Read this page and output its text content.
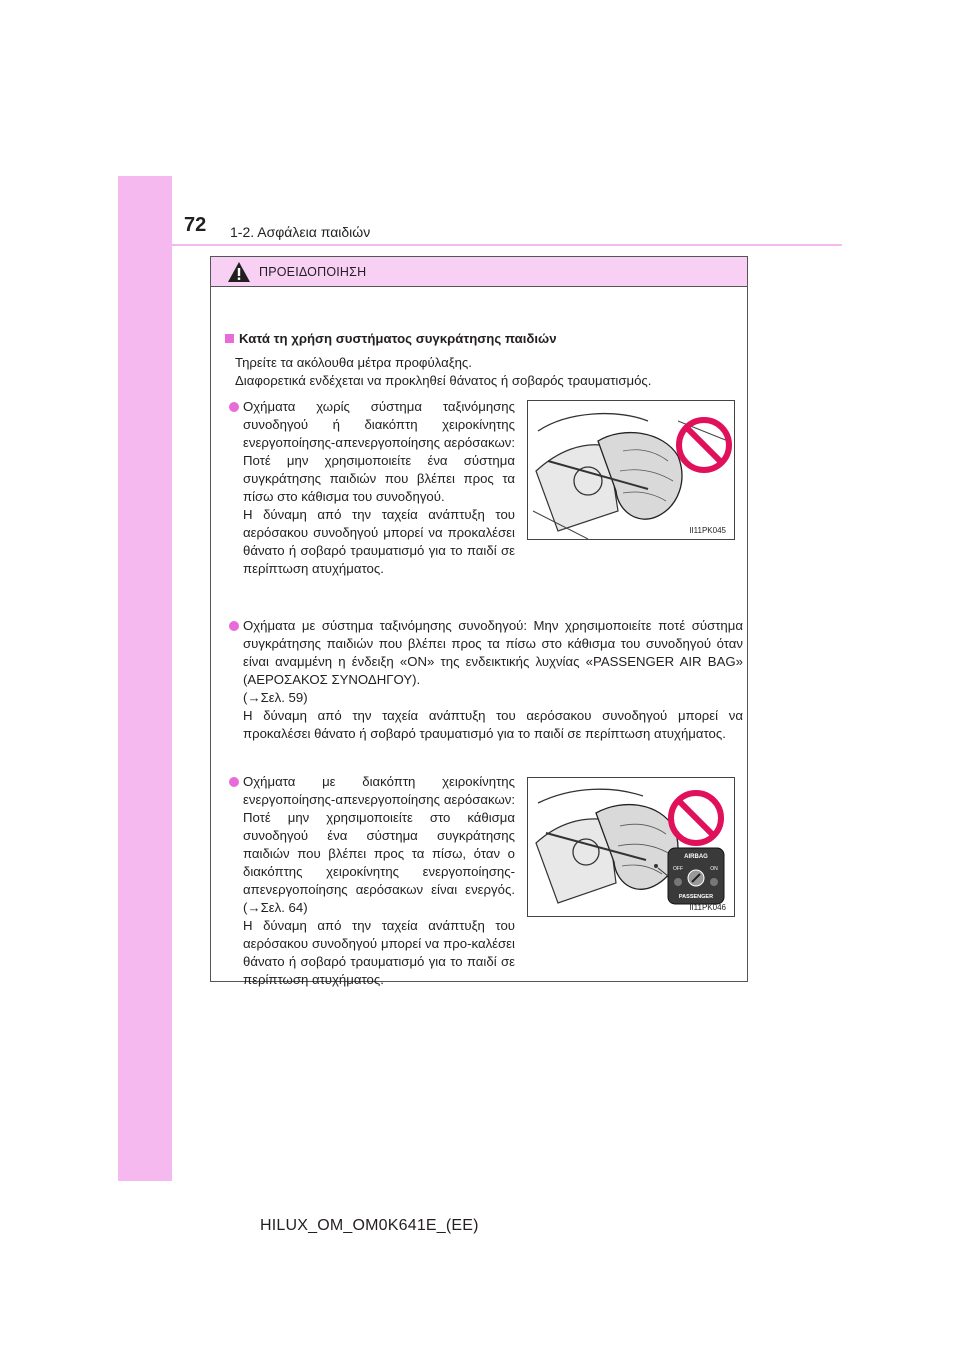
72 1-2. Ασφάλεια παιδιών
ΠΡΟΕΙΔΟΠΟΙΗΣΗ
Κατά τη χρήση συστήματος συγκράτησης παιδιών
Τηρείτε τα ακόλουθα μέτρα προφύλαξης.
Διαφορετικά ενδέχεται να προκληθεί θάνατος ή σοβαρός τραυματισμός.

Οχήματα χωρίς σύστημα ταξινόμησης συνοδηγού ή διακόπτη χειροκίνητης ενεργοποίησης-απενεργοποίησης αερόσακων: Ποτέ μην χρησιμοποιείτε ένα σύστημα συγκράτησης παιδιών που βλέπει προς τα πίσω στο κάθισμα του συνοδηγού.

Η δύναμη από την ταχεία ανάπτυξη του αερόσακου συνοδηγού μπορεί να προκαλέσει θάνατο ή σοβαρό τραυματισμό για το παιδί σε περίπτωση ατυχήματος.

II11PK045

Οχήματα με σύστημα ταξινόμησης συνοδηγού: Μην χρησιμοποιείτε ποτέ σύστημα συγκράτησης παιδιών που βλέπει προς τα πίσω στο κάθισμα του συνοδηγού όταν είναι αναμμένη η ένδειξη «ON» της ενδεικτικής λυχνίας «PASSENGER AIR BAG» (ΑΕΡΟΣΑΚΟΣ ΣΥΝΟΔΗΓΟΥ).

(→Σελ. 59)

Η δύναμη από την ταχεία ανάπτυξη του αερόσακου συνοδηγού μπορεί να προκαλέσει θάνατο ή σοβαρό τραυματισμό για το παιδί σε περίπτωση ατυχήματος.

Οχήματα με διακόπτη χειροκίνητης ενεργοποίησης-απενεργοποίησης αερόσακων: Ποτέ μην χρησιμοποιείτε στο κάθισμα συνοδηγού ένα σύστημα συγκράτησης παιδιών που βλέπει προς τα πίσω, όταν ο διακόπτης χειροκίνητης ενεργοποίησης-απενεργοποίησης αερόσακων είναι ενεργός. (→Σελ. 64)

Η δύναμη από την ταχεία ανάπτυξη του αερόσακου συνοδηγού μπορεί να προ-καλέσει θάνατο ή σοβαρό τραυματισμό για το παιδί σε περίπτωση ατυχήματος.

AIRBAG
OFF	ON
PASSENGER
II11PK046
HILUX_OM_OM0K641E_(EE)
